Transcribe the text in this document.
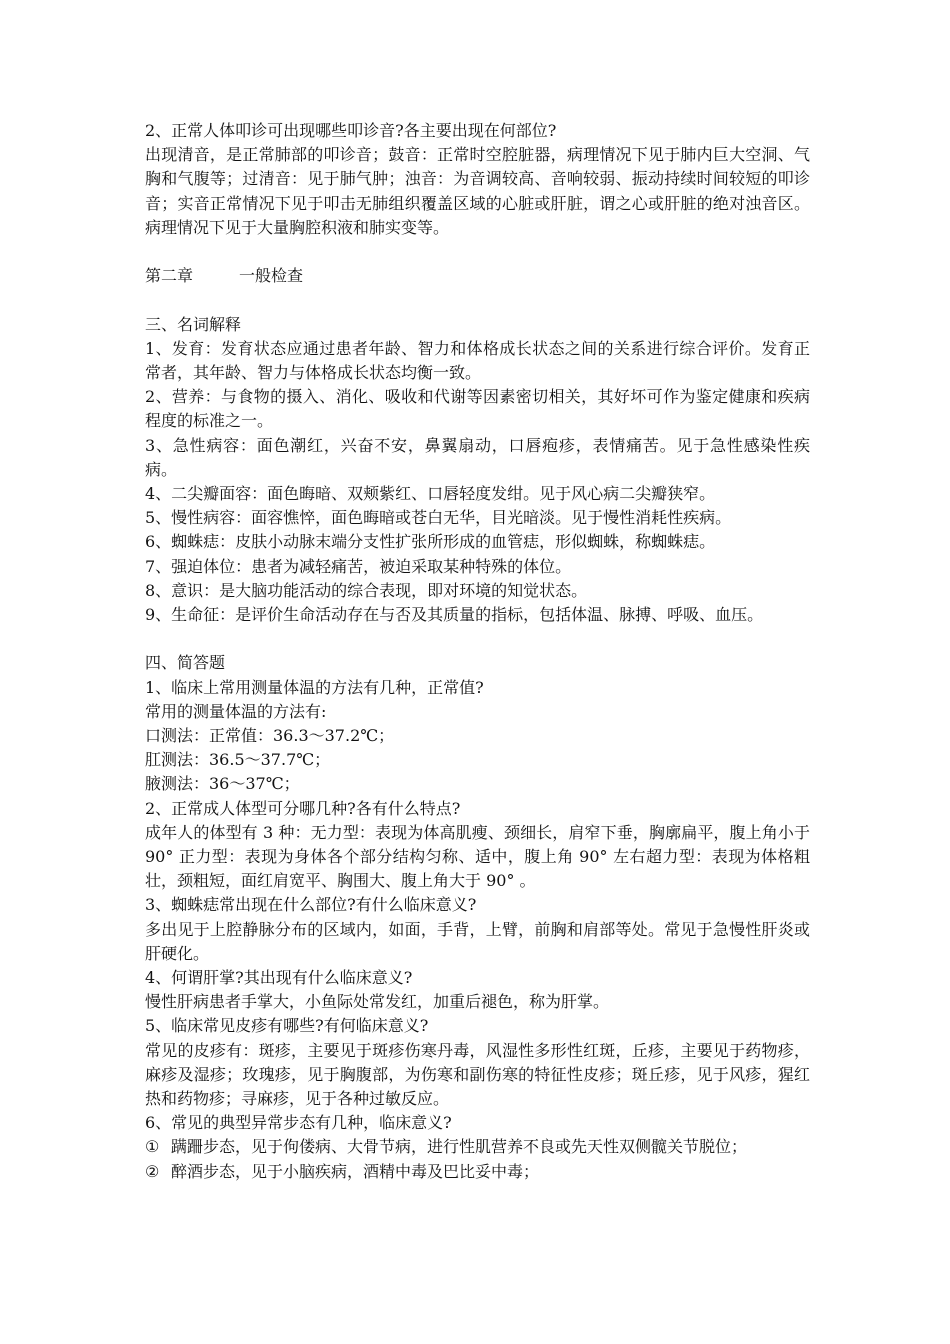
2、正常人体叩诊可出现哪些叩诊音?各主要出现在何部位?
出现清音，是正常肺部的叩诊音；鼓音：正常时空腔脏器，病理情况下见于肺内巨大空洞、气胸和气腹等；过清音：见于肺气肿；浊音：为音调较高、音响较弱、振动持续时间较短的叩诊音；实音正常情况下见于叩击无肺组织覆盖区域的心脏或肝脏，谓之心或肝脏的绝对浊音区。病理情况下见于大量胸腔积液和肺实变等。
第二章	一般检查
三、名词解释
1、发育：发育状态应通过患者年龄、智力和体格成长状态之间的关系进行综合评价。发育正常者，其年龄、智力与体格成长状态均衡一致。
2、营养：与食物的摄入、消化、吸收和代谢等因素密切相关，其好坏可作为鉴定健康和疾病程度的标准之一。
3、急性病容：面色潮红，兴奋不安，鼻翼扇动，口唇疱疹，表情痛苦。见于急性感染性疾病。
4、二尖瓣面容：面色晦暗、双颊紫红、口唇轻度发绀。见于风心病二尖瓣狭窄。
5、慢性病容：面容憔悴，面色晦暗或苍白无华，目光暗淡。见于慢性消耗性疾病。
6、蜘蛛痣：皮肤小动脉末端分支性扩张所形成的血管痣，形似蜘蛛，称蜘蛛痣。
7、强迫体位：患者为减轻痛苦，被迫采取某种特殊的体位。
8、意识：是大脑功能活动的综合表现，即对环境的知觉状态。
9、生命征：是评价生命活动存在与否及其质量的指标，包括体温、脉搏、呼吸、血压。
四、简答题
1、临床上常用测量体温的方法有几种，正常值?
常用的测量体温的方法有:
口测法：正常值：36.3～37.2℃；
肛测法：36.5～37.7℃；
腋测法：36～37℃；
2、正常成人体型可分哪几种?各有什么特点?
成年人的体型有 3 种：无力型：表现为体高肌瘦、颈细长，肩窄下垂，胸廓扁平，腹上角小于 90° 正力型：表现为身体各个部分结构匀称、适中，腹上角 90° 左右超力型：表现为体格粗壮，颈粗短，面红肩宽平、胸围大、腹上角大于 90° 。
3、蜘蛛痣常出现在什么部位?有什么临床意义?
多出见于上腔静脉分布的区域内，如面，手背，上臂，前胸和肩部等处。常见于急慢性肝炎或肝硬化。
4、何谓肝掌?其出现有什么临床意义?
慢性肝病患者手掌大，小鱼际处常发红，加重后褪色，称为肝掌。
5、临床常见皮疹有哪些?有何临床意义?
常见的皮疹有：斑疹，主要见于斑疹伤寒丹毒，风湿性多形性红斑，丘疹，主要见于药物疹，麻疹及湿疹；玫瑰疹，见于胸腹部，为伤寒和副伤寒的特征性皮疹；斑丘疹，见于风疹，猩红热和药物疹；寻麻疹，见于各种过敏反应。
6、常见的典型异常步态有几种，临床意义?
① 蹒跚步态，见于佝偻病、大骨节病，进行性肌营养不良或先天性双侧髋关节脱位；
② 醉酒步态，见于小脑疾病，酒精中毒及巴比妥中毒；
